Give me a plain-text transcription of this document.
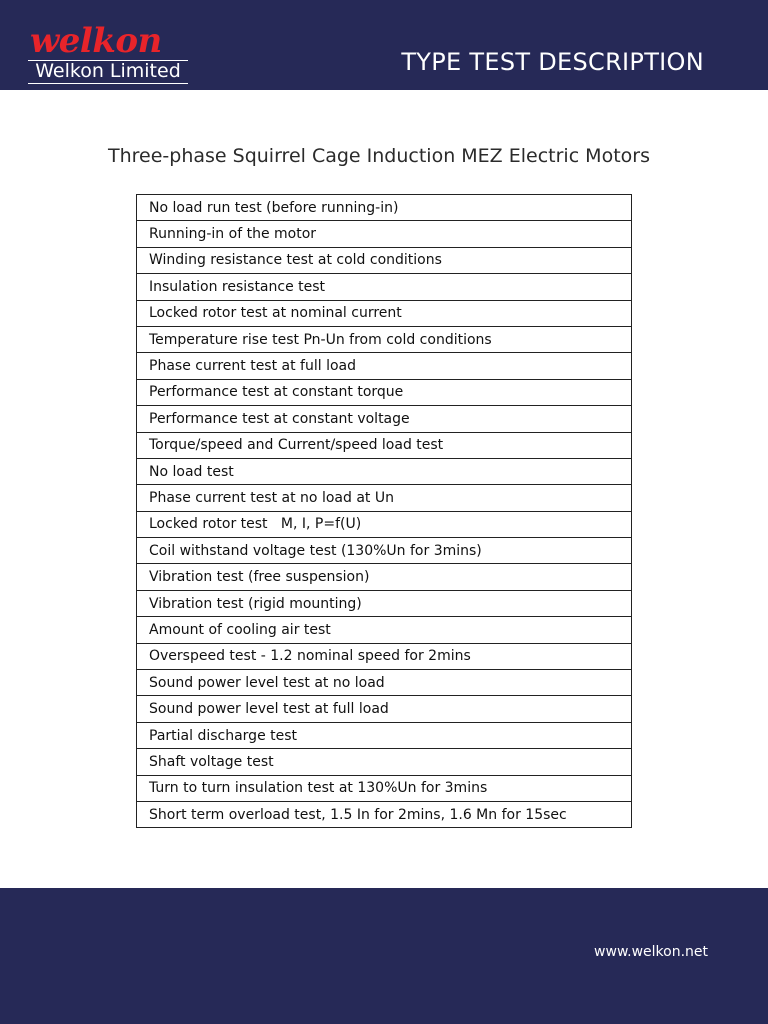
welkon
Welkon Limited	TYPE TEST DESCRIPTION
Three-phase Squirrel Cage Induction MEZ Electric Motors
No load run test (before running-in)
Running-in of the motor
Winding resistance test at cold conditions
Insulation resistance test
Locked rotor test at nominal current
Temperature rise test Pn-Un from cold conditions
Phase current test at full load
Performance test at constant torque
Performance test at constant voltage
Torque/speed and Current/speed load test
No load test
Phase current test at no load at Un
Locked rotor test   M, I, P=f(U)
Coil withstand voltage test (130%Un for 3mins)
Vibration test (free suspension)
Vibration test (rigid mounting)
Amount of cooling air test
Overspeed test - 1.2 nominal speed for 2mins
Sound power level test at no load
Sound power level test at full load
Partial discharge test
Shaft voltage test
Turn to turn insulation test at 130%Un for 3mins
Short term overload test, 1.5 In for 2mins, 1.6 Mn for 15sec
www.welkon.net
